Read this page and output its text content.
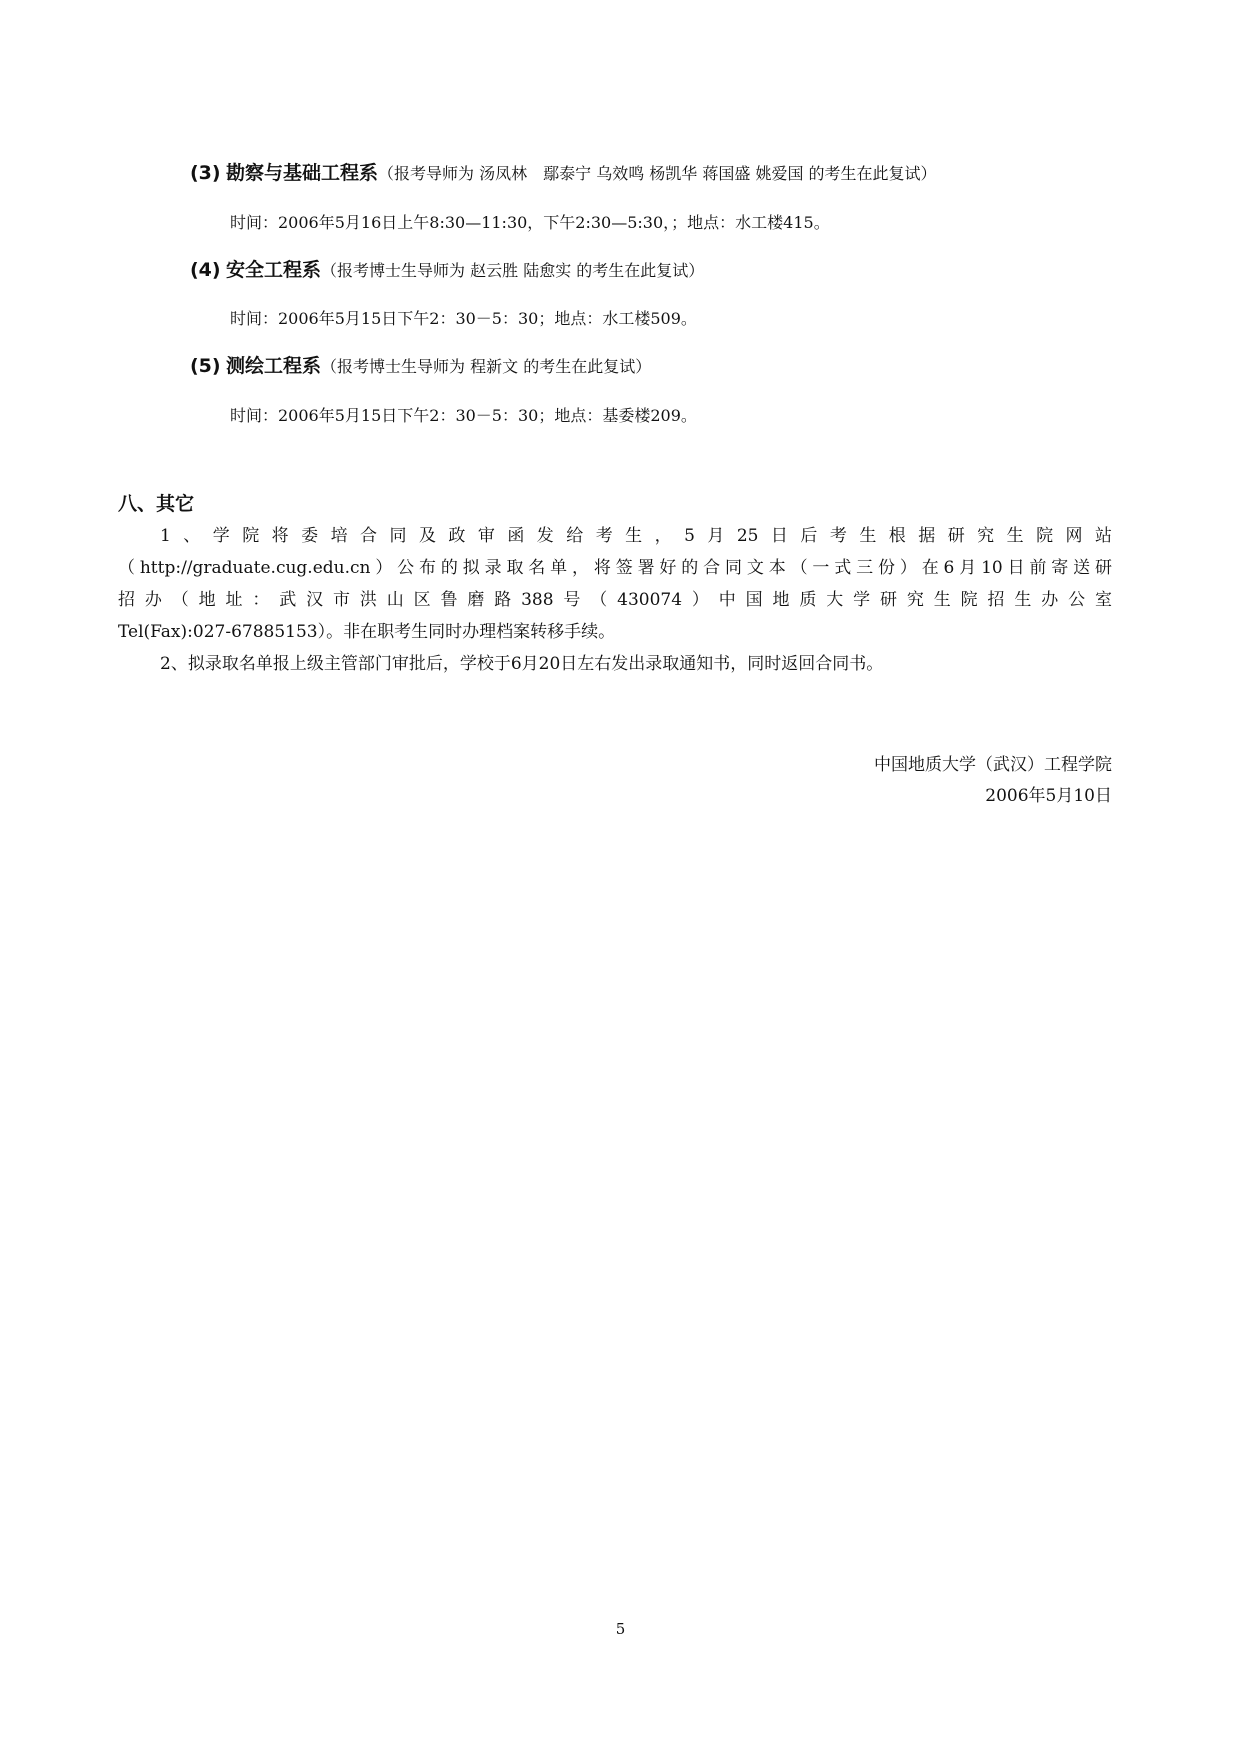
(3) 勘察与基础工程系（报考导师为 汤凤林　鄢泰宁 乌效鸣 杨凯华 蒋国盛 姚爱国 的考生在此复试）
时间：2006年5月16日上午8:30—11:30，下午2:30—5:30，；地点：水工楼415。
(4) 安全工程系（报考博士生导师为 赵云胜 陆愈实 的考生在此复试）
时间：2006年5月15日下午2：30－5：30；地点：水工楼509。
(5) 测绘工程系（报考博士生导师为 程新文 的考生在此复试）
时间：2006年5月15日下午2：30－5：30；地点：基委楼209。
八、其它
1、学院将委培合同及政审函发给考生，5月25日后考生根据研究生院网站
（http://graduate.cug.edu.cn）公布的拟录取名单，将签署好的合同文本（一式三份）在6月10日前寄送研
招办（地址：武汉市洪山区鲁磨路388号（430074）中国地质大学研究生院招生办公室
Tel(Fax):027-67885153）。非在职考生同时办理档案转移手续。
2、拟录取名单报上级主管部门审批后，学校于6月20日左右发出录取通知书，同时返回合同书。
中国地质大学（武汉）工程学院
2006年5月10日
5
